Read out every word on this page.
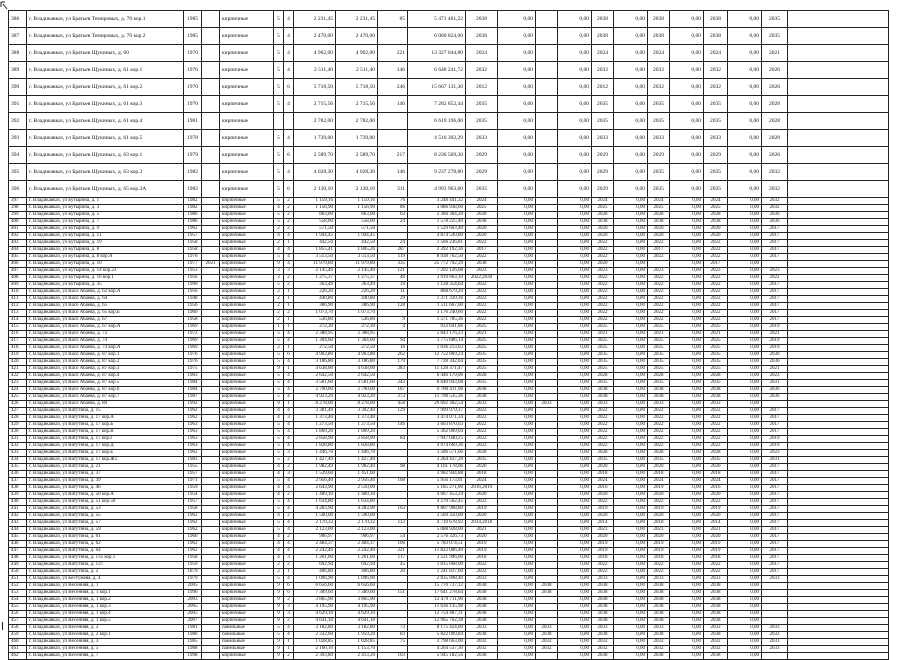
386	г. Владикавказ, ул Братьев Темировых, д. 70 кор.1	1985		кирпичные	5	4	2 231,45	2 231,45	85	5 471 461,22	2038	0,00		0,00	2038	0,00	2038	0,00	2038	0,00	2035	
387	г. Владикавказ, ул Братьев Темировых, д. 70 кор.2	1985		кирпичные	5	4	2 470,00	2 470,00		6 060 824,00	2038	0,00		0,00	2038	0,00	2038	0,00	2038	0,00	2035	
388	г. Владикавказ, ул Братьев Щукиных, д. 60	1970		кирпичные	5	4	4 962,00	4 962,00	221	13 327 044,80	2024	0,00		0,00	2024	0,00	2024	0,00	2024	0,00	2021	
389	г. Владикавказ, ул Братьев Щукиных, д. 61 кор.1	1976		кирпичные	5	4	2 511,40	2 511,40	146	6 648 241,72	2032	0,00		0,00	2032	0,00	2032	0,00	2032	0,00	2026	
390	г. Владикавказ, ул Братьев Щукиных, д. 61 кор.2	1970		кирпичные	5	6	5 718,50	5 718,50	246	15 667 131,30	2012	0,00		0,00	2012	0,00	2032	0,00	2032	0,00	2026	
391	г. Владикавказ, ул Братьев Щукиных, д. 61 кор.3	1970		кирпичные	5	4	2 715,56	2 715,56	146	7 282 852,44	2035	0,00		0,00	2035	0,00	2035	0,00	2035	0,00	2028	
392	г. Владикавказ, ул Братьев Щукиных, д. 61 кор.4	1981		кирпичные			2 782,00	2 782,00		6 619 196,00	2035	0,00		0,00	2035	0,00	2035	0,00	2035	0,00	2028	
393	г. Владикавказ, ул Братьев Щукиных, д. 61 кор.5	1978		кирпичные	5	4	1 739,00	1 739,00		4 516 302,29	2033	0,00		0,00	2033	0,00	2033	0,00	2033	0,00	2028	
394	г. Владикавказ, ул Братьев Щукиных, д. 63 кор.1	1979		кирпичные	5	6	2 589,70	2 589,70	217	8 236 569,30	2029	0,00		0,00	2029	0,00	2029	0,00	2029	0,00	2026	
395	г. Владикавказ, ул Братьев Щукиных, д. 63 кор.3	1982		кирпичные	5	4	4 028,30	4 028,30	146	9 237 278,80	2029	0,00		0,00	2029	0,00	2035	0,00	2035	0,00	2032	
396	г. Владикавказ, ул Братьев Щукиных, д. 65 кор.3А	1982		кирпичные	5	6	2 130,10	2 130,10	311	4 993 963,60	2035	0,00		0,00	2029	0,00	2035	0,00	2035	0,00	2032	
397	г. Владикавказ, ул Бутырина, д. 1	1982		кирпичные	5	2	1 159,16	1 159,16	76	3 248 441,32	2024	0,00		0,00	2024	0,00	2024	0,00	2024	0,00	2032	
398	г. Владикавказ, ул Бутырина, д. 3	1982		кирпичные	4	2	1 156,90	1 156,90	86	3 086 938,60	2025	0,00		0,00	2025	0,00	2025	0,00	2025	0,00	2032	
399	г. Владикавказ, ул Бутырина, д. 5	1986		кирпичные	5	2	863,00	863,00	63	2 366 304,20	2028	0,00		0,00	2028	0,00	2028	0,00	2028	0,00	2036	
400	г. Владикавказ, ул Бутырина, д. 7	1986		кирпичные	5	2	558,00	558,00	24	1 578 225,40	2038	0,00		0,00	2038	0,00	2038	0,00	2038	0,00	2036	
401	г. Владикавказ, ул Бутырина, д. 9	1962		кирпичные	2	2	571,50	571,50		1 529 603,40	2020	0,00		0,00	2020	0,00	2020	0,00	2020	0,00	2017	
402	г. Владикавказ, ул Бутырина, д. 11	1957		кирпичные	4	4	1 944,45	1 944,45		4 874 549,80	2020	0,00		0,00	2020	0,00	2020	0,00	2020	0,00	2017	
403	г. Владикавказ, ул Бутырина, д. 19	1958		кирпичные	2	1	442,50	442,50	24	1 566 236,81	2022	0,00		0,00	2022	0,00	2022	0,00	2022	0,00	2017	
404	г. Владикавказ, ул Бутырина, д. 8	1958		кирпичные	4	4	1 855,41	1 805,26	287	2 392 192,36	2017	0,00		0,00	2022	0,00	2017	0,00	2022	0,00	2017	
405	г. Владикавказ, ул Бутырина, д. 8 кор.А	1976		кирпичные	5	4	3 513,50	3 513,50	119	8 938 762,50	2022	0,00		0,00	2022	0,00	2022	0,00	2022	0,00	2017	
406	г. Владикавказ, ул Бутырина, д. 10	1977	2021	кирпичные	9	4	11 979,80	11 979,80	335	25 772 792,29	2038	0,00		0,00	2020	0,00		0,00	2017	0,00		
407	г. Владикавказ, ул Бутырина, д. 14 кор.23	1953		кирпичные	3	3	2 145,40	2 145,40	121	7 292 126,08	2023	0,00		0,00	2023	0,00	2023	0,00	2023	0,00	2023	
408	г. Владикавказ, ул Бутырина, д. 16 кор.1	1956		кирпичные	3	2	1 275,37	1 275,37	40	3 919 663,10	2022,2030	0,00		0,00	2022	0,00	2022	0,00	2022	0,00	2022	
409	г. Владикавказ, ул Бутырина, д. 35	1990		кирпичные	5	2	363,49	363,49	19	1 128 354,64	2022	0,00		0,00	2022	0,00	2022	0,00	2022	0,00	2017	
410	г. Владикавказ, ул Васо Абаева, д. 62 кор.А	1956		кирпичные	2	1	226,20	226,20	11	868 679,20	2022	0,00		0,00	2022	0,00	2022	0,00	2022	0,00	2017	
411	г. Владикавказ, ул Васо Абаева, д. 64	1948		кирпичные	2	1	440,80	440,80	29	1 371 339,36	2022	0,00		0,00	2022	0,00	2022	0,00	2022	0,00	2017	
412	г. Владикавказ, ул Васо Абаева, д. 65	1956		кирпичные	2	1	386,90	386,90	128	1 511 667,60	2022	0,00		0,00	2022	0,00	2022	0,00	2022	0,00	2017	
413	г. Владикавказ, ул Васо Абаева, д. 65 кор.Б	1960		кирпичные	2	2	1 073,70	1 073,70		3 176 240,60	2022	0,00		0,00	2022	0,00	2022	0,00	2022	0,00	2017	
414	г. Владикавказ, ул Васо Абаева, д. 67	1958		кирпичные	2	1	536,80	536,80	9	1 571 785,36	2022	0,00		0,00	2022	0,00	2022	0,00	2022	0,00	2017	
415	г. Владикавказ, ул Васо Абаева, д. 67 кор.А	1969		кирпичные	1	1	272,30	272,30	4	933 641,86	2025	0,00		0,00	2025	0,00	2025	0,00	2025	0,00	2019	
416	г. Владикавказ, ул Васо Абаева, д. 72	1972		кирпичные	5	4	2 388,95	2 388,95		5 843 176,23	2021	0,00		0,00	2021	0,00	2021	0,00	2021	0,00	2021	
417	г. Владикавказ, ул Васо Абаева, д. 74	1969		кирпичные	5	4	1 304,60	1 304,60	94	3 775 686,14	2025	0,00		0,00	2025	0,00	2025	0,00	2025	0,00	2019	
418	г. Владикавказ, ул Васо Абаева, д. 74 кор.А	1969		кирпичные	2	1	272,50	272,50	16	1 036 213,63	2025	0,00		0,00	2025	0,00	2025	0,00	2025	0,00	2019	
419	г. Владикавказ, ул Васо Абаева, д. 87 кор.1	1976		кирпичные	5	6	4 903,80	4 903,80	262	12 752 869,24	2035	0,00		0,00	2035	0,00	2035	0,00	2035	0,00	2030	
420	г. Владикавказ, ул Васо Абаева, д. 87 кор.2	1976		кирпичные	5	4	3 186,80	3 186,80	179	7 728 342,04	2035	0,00		0,00	2035	0,00	2035	0,00	2035	0,00	2030	
421	г. Владикавказ, ул Васо Абаева, д. 87 кор.3	1975		кирпичные	9	1	4 638,00	4 638,00	283	11 128 371,47	2025	0,00		0,00	2025	0,00	2025	0,00	2025	0,00	2021	
422	г. Владикавказ, ул Васо Абаева, д. 87 кор.4	1983		кирпичные	5	4	2 642,50	2 642,50		6 446 179,06	2028	0,00		0,00	2028	0,00	2028	0,00	2028	0,00	2023	
423	г. Владикавказ, ул Васо Абаева, д. 87 кор.5	1984		кирпичные	5	4	3 581,60	3 581,60	243	8 640 043,68	2035	0,00		0,00	2035	0,00	2035	0,00	2035	0,00	2031	
424	г. Владикавказ, ул Васо Абаева, д. 87 кор.6	1984		кирпичные	5	4	2 790,00	2 790,00	167	6 780 411,96	2038	0,00		0,00	2038	0,00	2038	0,00	2038	0,00	2036	
425	г. Владикавказ, ул Васо Абаева, д. 87 кор.7	1987		кирпичные	5	4	4 923,20	4 923,20	273	11 798 535,36	2038	0,00		0,00	2038	0,00	2038	0,00	2038	0,00	2036	
426	г. Владикавказ, ул Васо Абаева, д. 89	1992		кирпичные	9	1	8 278,00	8 278,00	458	29 092 302,54	2033	0,00	2033	0,00	2033	0,00	2033	0,00	2033	0,00		
427	г. Владикавказ, ул Ватутина, д. 15	1962		кирпичные	4	4	3 381,40	3 302,40	129	7 999 979,37	2022	0,00		0,00	2022	0,00	2022	0,00	2022	0,00	2017	
428	г. Владикавказ, ул Ватутина, д. 17 кор.А	1962		кирпичные	4	3	1 373,40	1 373,40		3 474 071,34	2022	0,00		0,00	2022	0,00	2022	0,00	2022	0,00	2017	
429	г. Владикавказ, ул Ватутина, д. 17 кор.Б	1963		кирпичные	5	4	1 273,50	1 273,50	146	3 663 870,63	2022	0,00		0,00	2022	0,00	2022	0,00	2022	0,00	2017	
430	г. Владикавказ, ул Ватутина, д. 17 кор.В	1963		кирпичные	5	4	1 869,20	1 869,20		5 362 009,04	2022	0,00		0,00	2022	0,00	2022	0,00	2022	0,00	2017	
431	г. Владикавказ, ул Ватутина, д. 17 кор.Г	1963		кирпичные	5	4	2 858,90	2 858,90	84	7 947 040,25	2022	0,00		0,00	2022	0,00	2022	0,00	2022	0,00	2019	
432	г. Владикавказ, ул Ватутина, д. 17 кор.Д	1963		кирпичные	5	4	1 828,80	1 828,80		4 974 669,36	2022	0,00		0,00	2022	0,00	2022	0,00	2022	0,00	2019	
433	г. Владикавказ, ул Ватутина, д. 17 кор.Е	1962		кирпичные	5	3	1 446,70	1 446,70		3 586 571,66	2028	0,00		0,00	2028	0,00	2028	0,00	2028	0,00	2023	
434	г. Владикавказ, ул Ватутина, д. 17 кор.Ж1	1983		кирпичные	5	2	1 427,40	1 427,40		3 264 437,28	2035	0,00		0,00	2035	0,00	2035	0,00	2035	0,00	2031	
435	г. Владикавказ, ул Ватутина, д. 21	1955		кирпичные	4	2	1 982,40	1 982,40	98	4 161 178,06	2020	0,00		0,00	2020	0,00	2020	0,00	2020	0,00	2017	
436	г. Владикавказ, ул Ватутина, д. 37	1957		кирпичные	4	3	1 539,60	1 451,60		3 982 944,88	2018	0,00		0,00	2018	0,00	2018	0,00	2018	0,00	2017	
437	г. Владикавказ, ул Ватутина, д. 39	1971		кирпичные	5	4	2 956,40	2 956,40	168	5 956 173,01	2024	0,00		0,00	2024	0,00	2024	0,00	2024	0,00	2017	
438	г. Владикавказ, ул Ватутина, д. 46	1959		кирпичные	4	4	2 643,90	2 510,00		5 185 271,00	2016,2019	0,00		0,00	2016	0,00	2019	0,00	2016	0,00	2017	
439	г. Владикавказ, ул Ватутина, д. 50 кор.А	1954		кирпичные	4	2	1 489,10	1 489,10		4 067 453,24	2020	0,00		0,00	2020	0,00	2020	0,00	2020	0,00	2017	
440	г. Владикавказ, ул Ватутина, д. 51 кор.50	1957		кирпичные	5	4	1 634,80	1 634,80		4 270 562,45	2022	0,00		0,00	2022	0,00	2022	0,00	2022	0,00	2017	
441	г. Владикавказ, ул Ватутина, д. 53	1958		кирпичные	5	4	4 283,90	4 283,90	163	9 807 908,80	2019	0,00		0,00	2019	0,00	2019	0,00	2019	0,00	2017	
442	г. Владикавказ, ул Ватутина, д. 55	1962		кирпичные	4	2	1 500,00	1 500,00		3 569 350,00	2020	0,00		0,00	2020	0,00	2020	0,00	2020	0,00	2017	
443	г. Владикавказ, ул Ватутина, д. 57	1962		кирпичные	5	4	2 170,32	2 170,32	113	4 710 678,92	2014,2018	0,00		0,00	2014	0,00	2018	0,00	2014	0,00	2017	
444	г. Владикавказ, ул Ватутина, д. 59	1962		кирпичные	5	4	2 123,00	2 123,00		5 088 928,00	2021	0,00		0,00	2021	0,00	2021	0,00	2021	0,00	2017	
445	г. Владикавказ, ул Ватутина, д. 61	1960		кирпичные	4	2	906,97	906,97	54	2 576 326,73	2020	0,00		0,00	2020	0,00	2020	0,00	2020	0,00	2017	
446	г. Владикавказ, ул Ватутина, д. 62	1962		кирпичные	4	4	2 484,37	2 484,37	106	5 783 074,51	2019	0,00		0,00	2019	0,00	2019	0,00	2019	0,00	2017	
447	г. Владикавказ, ул Ватутина, д. 64	1962		кирпичные	4	4	2 242,40	2 242,40	221	11 822 006,40	2019	0,00		0,00	2019	0,00	2019	0,00	2019	0,00	2017	
448	г. Владикавказ, ул Ватутина, д. 135 кор.1	1958		кирпичные	4	3	1 261,00	1 261,00	117	3 521 996,00	2018	0,00		0,00	2018	0,00	2018	0,00	2018	0,00	2017	
449	г. Владикавказ, ул Ватутина, д. 137	1959		кирпичные	2	2	692,94	692,94	45	1 815 668,00	2022	0,00		0,00	2022	0,00	2022	0,00	2022	0,00	2017	
450	г. Владикавказ, ул Ватутина, д. 2	1879		кирпичные	2	1	406,80	406,80	20	1 241 837,60	2022	0,00		0,00	2022	0,00	2022	0,00	2022	0,00	2017	
451	г. Владикавказ, ул Бестужева, д. 4	1979		кирпичные	5	4	1 096,90	1 096,90		2 835 898,40	2033	0,00		0,00	2033	0,00	2033	0,00	2033	0,00	2033	
452	г. Владикавказ, ул Весенняя, д. 1	2005		кирпичные	9	6	6 656,60	6 656,60		15 770 737,12	2038	0,00	2038	0,00	2038	0,00	2038	0,00	2038	0,00		
453	г. Владикавказ, ул Весенняя, д. 1 кор.1	1996		кирпичные	9	6	7 389,60	7 389,60	151	17 641 278,64	2038	0,00	2038	0,00	2038	0,00	2038	0,00	2038	0,00		
454	г. Владикавказ, ул Весенняя, д. 1 кор.2	2003		кирпичные	9	2	3 865,90	3 865,90		12 479 711,90	2038	0,00		0,00	2038	0,00	2038	0,00	2038	0,00		
455	г. Владикавказ, ул Весенняя, д. 1 кор.3	2005		кирпичные	9	3	4 195,90	4 195,90		11 636 135,98	2038	0,00		0,00	2038	0,00	2038	0,00	2038	0,00		
456	г. Владикавказ, ул Весенняя, д. 1 кор.4	2005		кирпичные	9	3	4 629,10	4 629,10		12 754 487,31	2038	0,00		0,00	2038	0,00	2038	0,00	2038	0,00		
457	г. Владикавказ, ул Весенняя, д. 1 кор.5	2007		кирпичные	9	2	4 641,10	4 641,10		12 965 762,38	2038	0,00		0,00	2038	0,00	2038	0,00	2038	0,00		
458	г. Владикавказ, ул Весенняя, д. 2	1981		панельные	5	4	3 182,80	3 182,80	73	8 175 424,00	2033	0,00	2033	0,00	2033	0,00	2033	0,00	2033	0,00	2033	
459	г. Владикавказ, ул Весенняя, д. 2 кор.1	1980		панельные	5	4	2 332,60	1 959,20	83	5 822 099,84	2038	0,00	2038	0,00	2038	0,00	2038	0,00	2038	0,00	2033	
460	г. Владикавказ, ул Весенняя, д. 3	1985		панельные	9	1	1 028,85	1 028,85	75	2 798 663,00	2032	0,00	2032	0,00	2032	0,00	2032	0,00	2032	0,00	2033	
461	г. Владикавказ, ул Весенняя, д. 5	1988		панельные	9	1	2 160,10	1 153,70		4 264 537,30	2032	0,00	2032	0,00	2032	0,00	2032	0,00	2032	0,00	2033	
462	г. Владикавказ, ул Весенняя, д. 7	1998		кирпичные	9	2	2 393,80	2 413,20	103	5 945 182,56	2038	0,00		0,00	2038	0,00	2038	0,00	2038	0,00		
